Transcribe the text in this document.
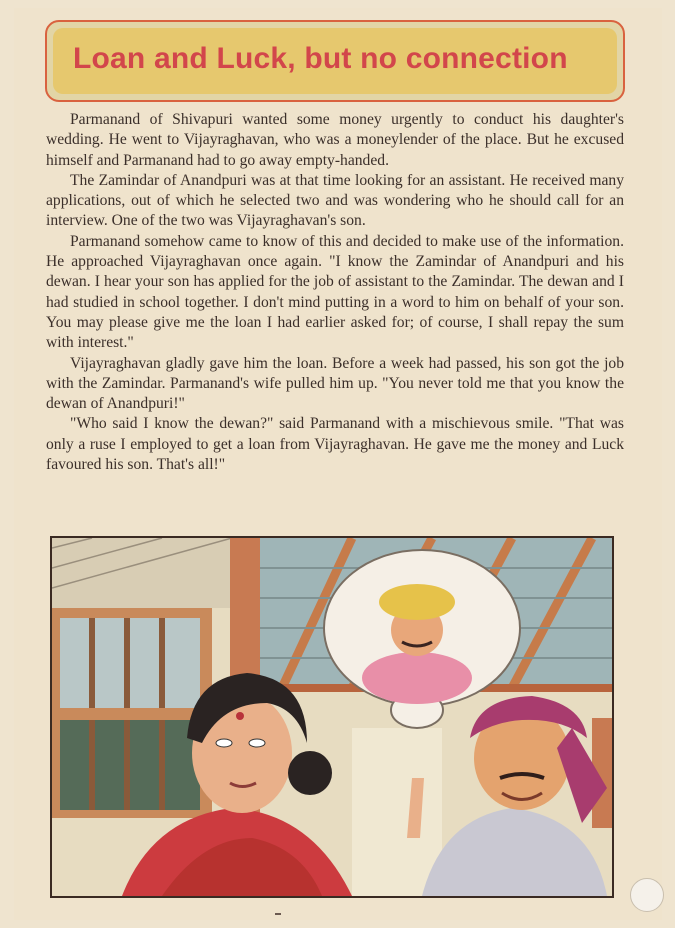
Loan and Luck, but no connection

Parmanand of Shivapuri wanted some money urgently to conduct his daughter's wedding. He went to Vijayraghavan, who was a moneylender of the place. But he excused himself and Parmanand had to go away empty-handed.

The Zamindar of Anandpuri was at that time looking for an assistant. He received many applications, out of which he selected two and was wondering who he should call for an interview. One of the two was Vijayraghavan's son.

Parmanand somehow came to know of this and decided to make use of the information. He approached Vijayraghavan once again. "I know the Zamindar of Anandpuri and his dewan. I hear your son has applied for the job of assistant to the Zamindar. The dewan and I had studied in school together. I don't mind putting in a word to him on behalf of your son. You may please give me the loan I had earlier asked for; of course, I shall repay the sum with interest."

Vijayraghavan gladly gave him the loan. Before a week had passed, his son got the job with the Zamindar. Parmanand's wife pulled him up. "You never told me that you know the dewan of Anandpuri!"

"Who said I know the dewan?" said Parmanand with a mischievous smile. "That was only a ruse I employed to get a loan from Vijayraghavan. He gave me the money and Luck favoured his son. That's all!"
